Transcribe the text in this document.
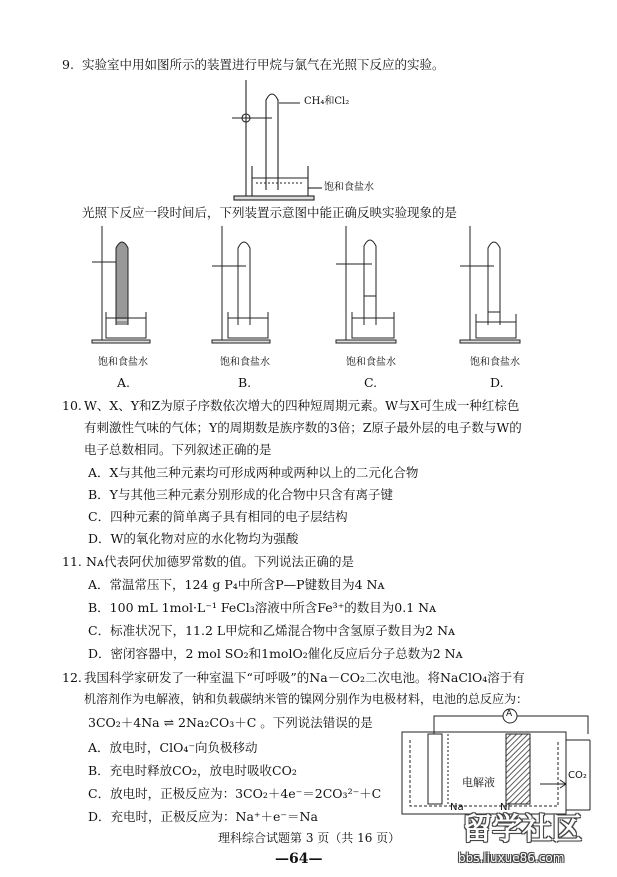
9. 实验室中用如图所示的装置进行甲烷与氯气在光照下反应的实验。
CH₄和Cl₂
饱和食盐水
光照下反应一段时间后，下列装置示意图中能正确反映实验现象的是
饱和食盐水	饱和食盐水	饱和食盐水	饱和食盐水
A.	B.	C.	D.
10. W、X、Y和Z为原子序数依次增大的四种短周期元素。W与X可生成一种红棕色
有刺激性气味的气体；Y的周期数是族序数的3倍；Z原子最外层的电子数与W的
电子总数相同。下列叙述正确的是
A．X与其他三种元素均可形成两种或两种以上的二元化合物
B．Y与其他三种元素分别形成的化合物中只含有离子键
C．四种元素的简单离子具有相同的电子层结构
D．W的氧化物对应的水化物均为强酸
11. Nᴀ代表阿伏加德罗常数的值。下列说法正确的是
A．常温常压下，124 g P₄中所含P—P键数目为4 Nᴀ
B．100 mL 1mol·L⁻¹ FeCl₃溶液中所含Fe³⁺的数目为0.1 Nᴀ
C．标准状况下，11.2 L甲烷和乙烯混合物中含氢原子数目为2 Nᴀ
D．密闭容器中，2 mol SO₂和1molO₂催化反应后分子总数为2 Nᴀ
12. 我国科学家研发了一种室温下“可呼吸”的Na－CO₂二次电池。将NaClO₄溶于有
机溶剂作为电解液，钠和负载碳纳米管的镍网分别作为电极材料，电池的总反应为：
3CO₂＋4Na ⇌ 2Na₂CO₃＋C 。下列说法错误的是
A．放电时，ClO₄⁻向负极移动
B．充电时释放CO₂，放电时吸收CO₂
C．放电时，正极反应为：3CO₂＋4e⁻＝2CO₃²⁻＋C
D．充电时，正极反应为：Na⁺＋e⁻＝Na
A
电解液
Na	Ni
CO₂
理科综合试题第 3 页（共 16 页）
—64—
留学社区
bbs.liuxue86.com
